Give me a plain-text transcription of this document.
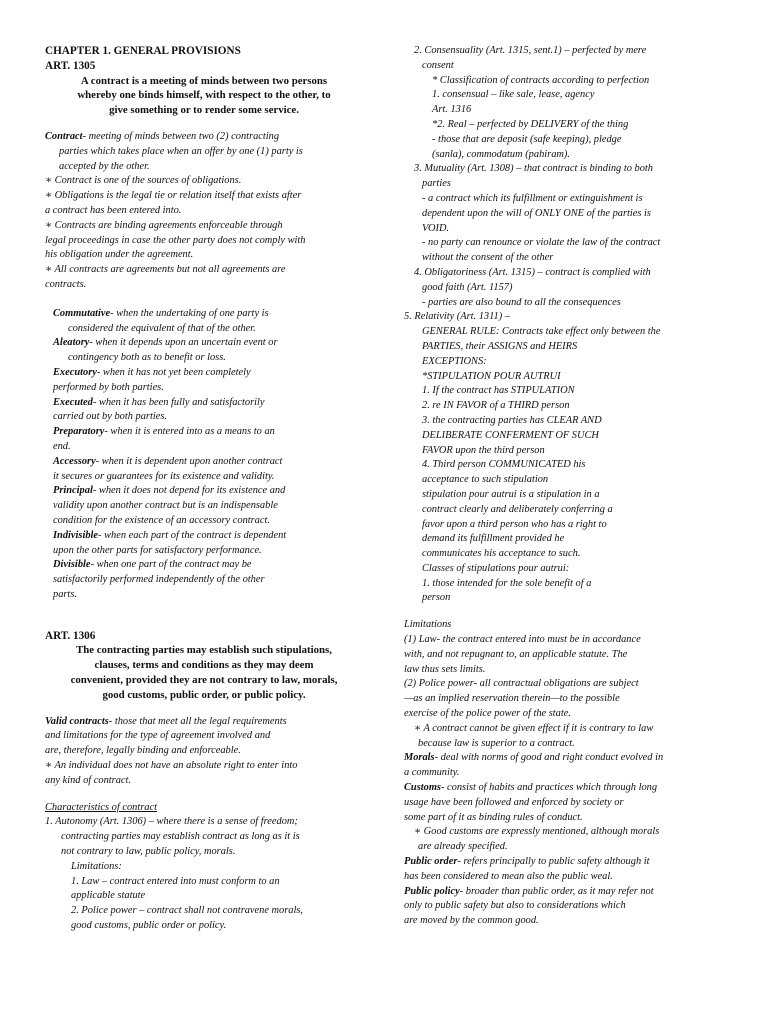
CHAPTER 1. GENERAL PROVISIONS
ART. 1305
A contract is a meeting of minds between two persons
whereby one binds himself, with respect to the other, to
give something or to render some service.
Contract- meeting of minds between two (2) contracting
parties which takes place when an offer by one (1) party is
accepted by the other.
∗ Contract is one of the sources of obligations.
∗ Obligations is the legal tie or relation itself that exists after
a contract has been entered into.
∗ Contracts are binding agreements enforceable through
legal proceedings in case the other party does not comply with
his obligation under the agreement.
∗ All contracts are agreements but not all agreements are
contracts.
Commutative- when the undertaking of one party is
considered the equivalent of that of the other.
Aleatory- when it depends upon an uncertain event or
contingency both as to benefit or loss.
Executory- when it has not yet been completely
performed by both parties.
Executed- when it has been fully and satisfactorily
carried out by both parties.
Preparatory- when it is entered into as a means to an
end.
Accessory- when it is dependent upon another contract
it secures or guarantees for its existence and validity.
Principal- when it does not depend for its existence and
validity upon another contract but is an indispensable
condition for the existence of an accessory contract.
Indivisible- when each part of the contract is dependent
upon the other parts for satisfactory performance.
Divisible- when one part of the contract may be
satisfactorily performed independently of the other
parts.
ART. 1306
The contracting parties may establish such stipulations,
clauses, terms and conditions as they may deem
convenient, provided they are not contrary to law, morals,
good customs, public order, or public policy.
Valid contracts- those that meet all the legal requirements
and limitations for the type of agreement involved and
are, therefore, legally binding and enforceable.
∗ An individual does not have an absolute right to enter into
any kind of contract.
Characteristics of contract
1. Autonomy (Art. 1306) – where there is a sense of freedom;
contracting parties may establish contract as long as it is
not contrary to law, public policy, morals.
Limitations:
1. Law – contract entered into must conform to an
applicable statute
2. Police power – contract shall not contravene morals,
good customs, public order or policy.
2. Consensuality (Art. 1315, sent.1) – perfected by mere
consent
* Classification of contracts according to perfection
1. consensual – like sale, lease, agency
Art. 1316
*2. Real – perfected by DELIVERY of the thing
- those that are deposit (safe keeping), pledge
(sanla), commodatum (pahiram).
3. Mutuality (Art. 1308) – that contract is binding to both
parties
- a contract which its fulfillment or extinguishment is
dependent upon the will of ONLY ONE of the parties is
VOID.
- no party can renounce or violate the law of the contract
without the consent of the other
4. Obligatoriness (Art. 1315) – contract is complied with
good faith (Art. 1157)
- parties are also bound to all the consequences
5. Relativity (Art. 1311) –
GENERAL RULE: Contracts take effect only between the
PARTIES, their ASSIGNS and HEIRS
EXCEPTIONS:
*STIPULATION POUR AUTRUI
1. If the contract has STIPULATION
2. re IN FAVOR of a THIRD person
3. the contracting parties has CLEAR AND
DELIBERATE CONFERMENT OF SUCH
FAVOR upon the third person
4. Third person COMMUNICATED his
acceptance to such stipulation
stipulation pour autrui is a stipulation in a
contract clearly and deliberately conferring a
favor upon a third person who has a right to
demand its fulfillment provided he
communicates his acceptance to such.
Classes of stipulations pour autrui:
1. those intended for the sole benefit of a
person
Limitations
(1) Law- the contract entered into must be in accordance
with, and not repugnant to, an applicable statute. The
law thus sets limits.
(2) Police power- all contractual obligations are subject
—as an implied reservation therein—to the possible
exercise of the police power of the state.
∗ A contract cannot be given effect if it is contrary to law
because law is superior to a contract.
Morals- deal with norms of good and right conduct evolved in
a community.
Customs- consist of habits and practices which through long
usage have been followed and enforced by society or
some part of it as binding rules of conduct.
∗ Good customs are expressly mentioned, although morals
are already specified.
Public order- refers principally to public safety although it
has been considered to mean also the public weal.
Public policy- broader than public order, as it may refer not
only to public safety but also to considerations which
are moved by the common good.
